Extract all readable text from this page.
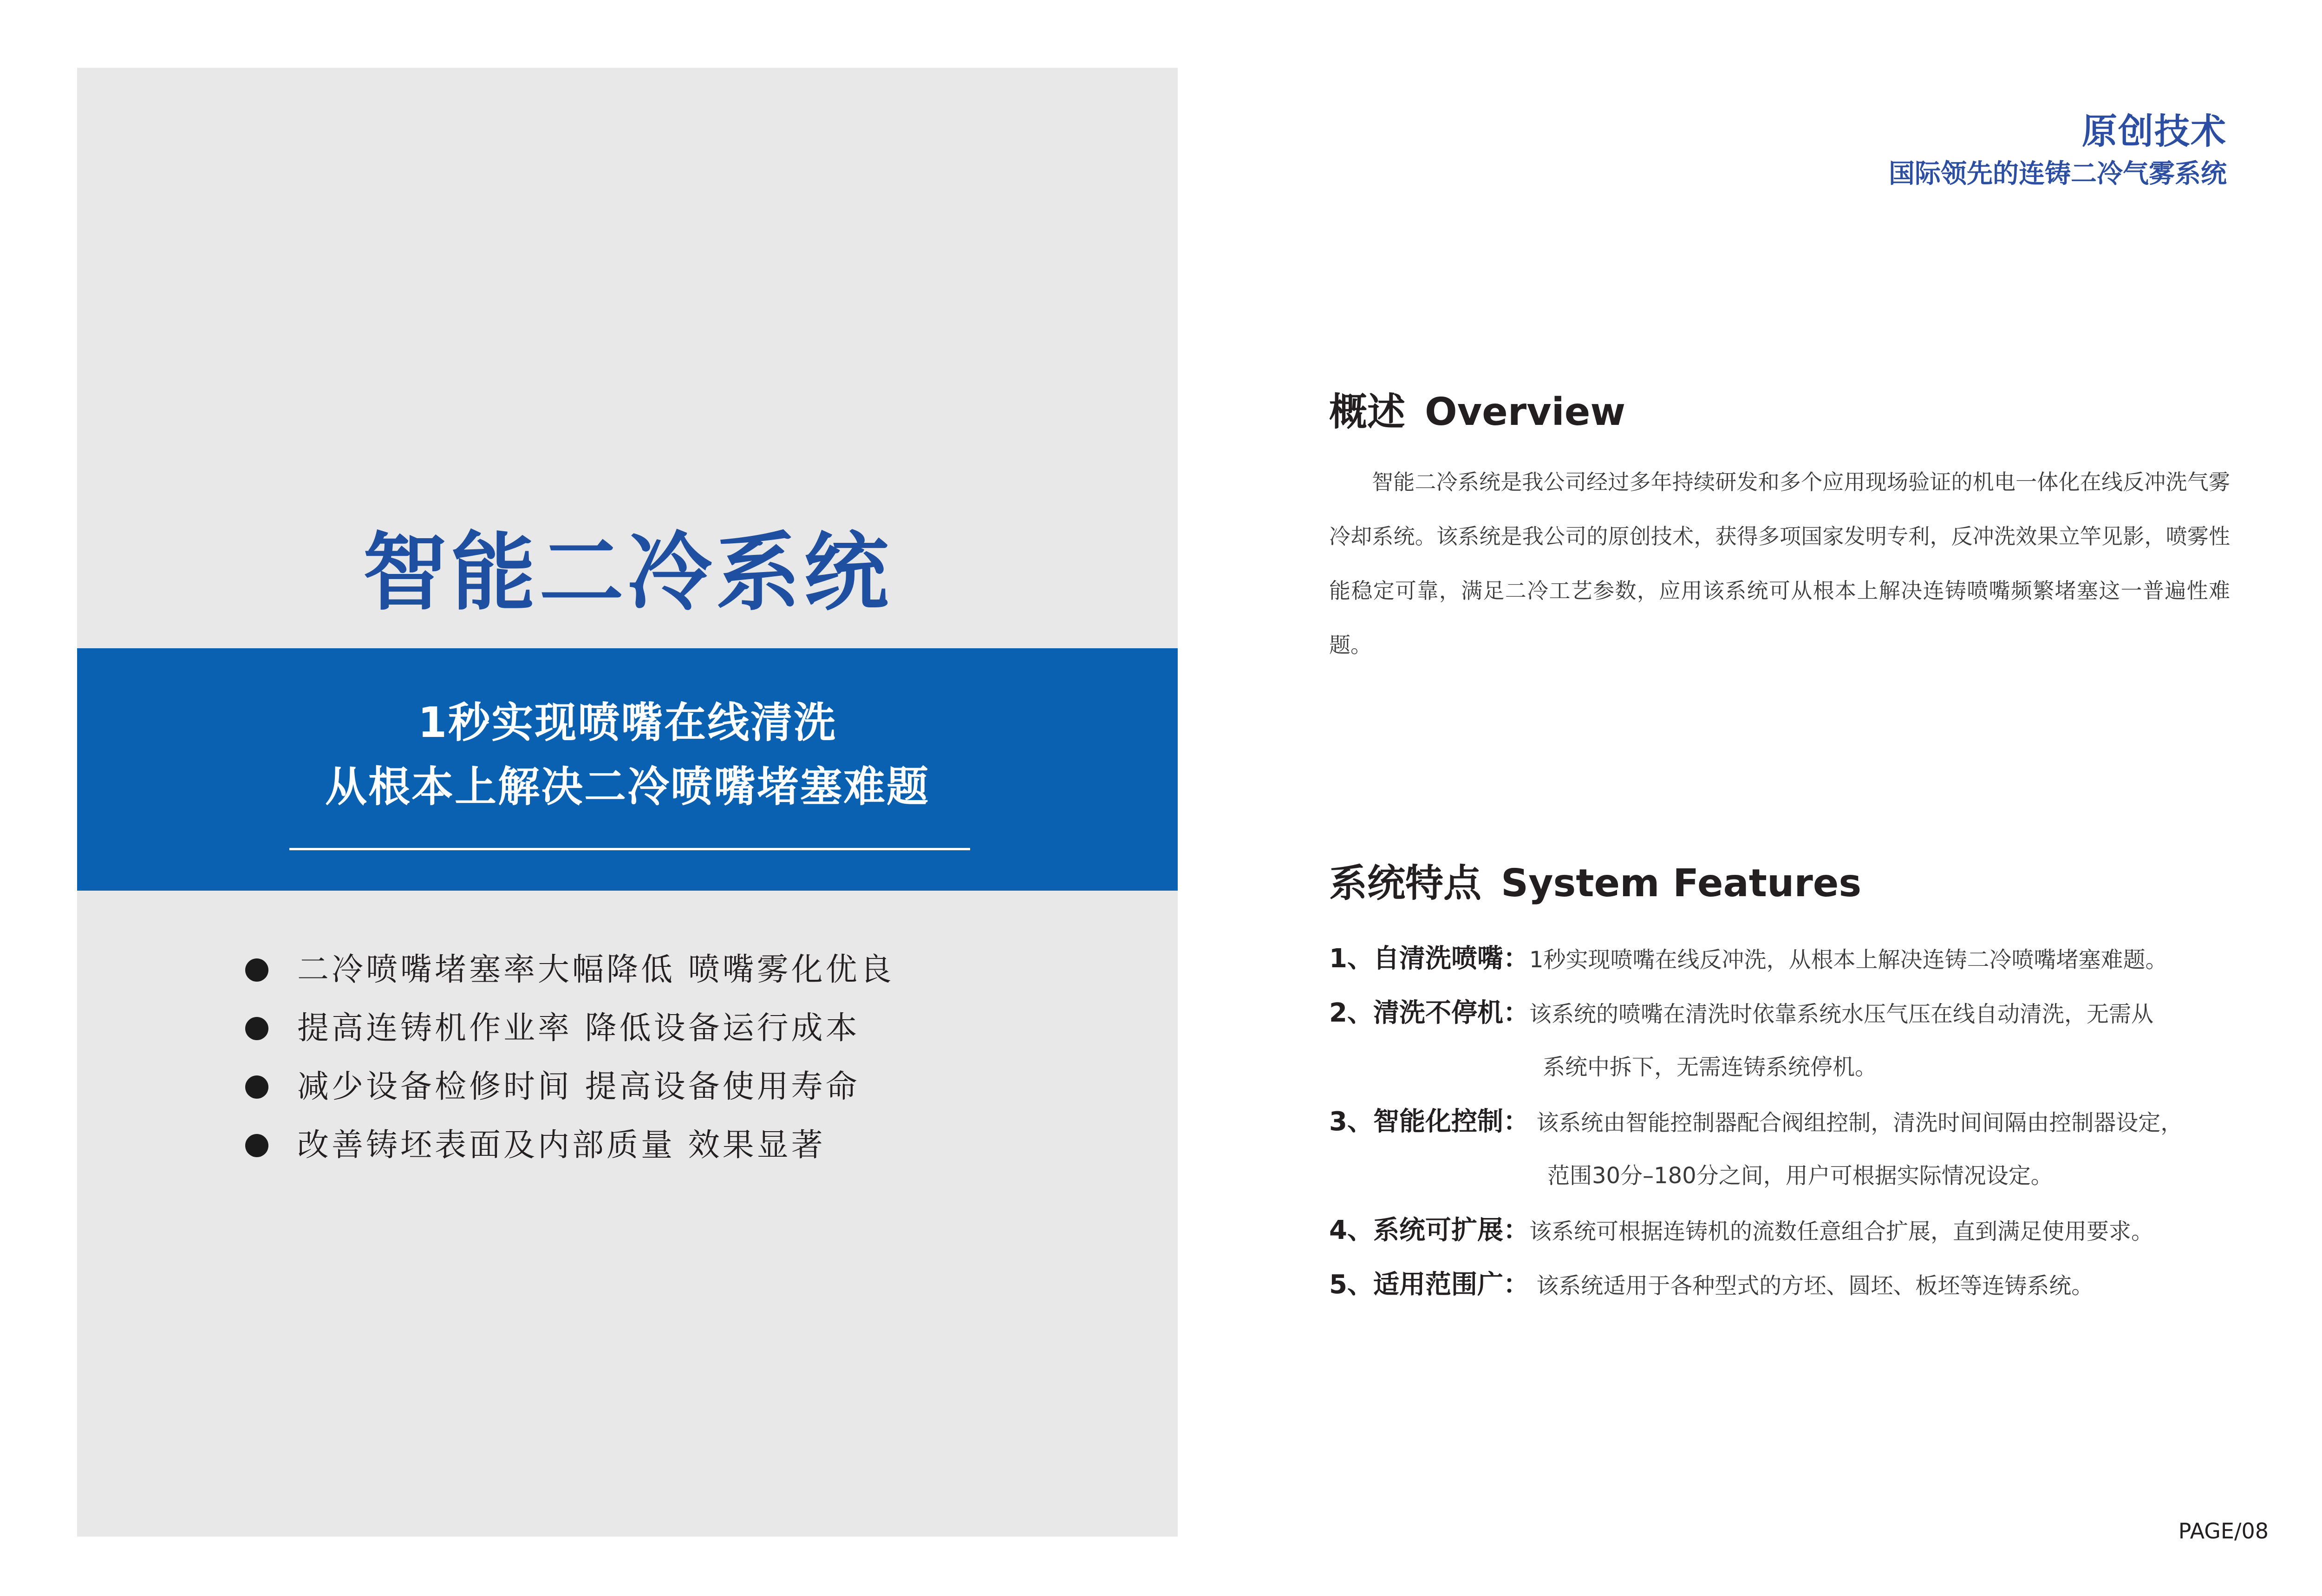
智能二冷系统
1秒实现喷嘴在线清洗
从根本上解决二冷喷嘴堵塞难题
二冷喷嘴堵塞率大幅降低 喷嘴雾化优良
提高连铸机作业率 降低设备运行成本
减少设备检修时间 提高设备使用寿命
改善铸坯表面及内部质量 效果显著
原创技术
国际领先的连铸二冷气雾系统
概述 Overview

智能二冷系统是我公司经过多年持续研发和多个应用现场验证的机电一体化在线反冲洗气雾冷却系统。该系统是我公司的原创技术，获得多项国家发明专利，反冲洗效果立竿见影，喷雾性能稳定可靠，满足二冷工艺参数，应用该系统可从根本上解决连铸喷嘴频繁堵塞这一普遍性难题。

系统特点 System Features
1、自清洗喷嘴：1秒实现喷嘴在线反冲洗，从根本上解决连铸二冷喷嘴堵塞难题。
2、清洗不停机：该系统的喷嘴在清洗时依靠系统水压气压在线自动清洗，无需从
系统中拆下，无需连铸系统停机。
3、智能化控制： 该系统由智能控制器配合阀组控制，清洗时间间隔由控制器设定，
范围30分–180分之间，用户可根据实际情况设定。
4、系统可扩展：该系统可根据连铸机的流数任意组合扩展，直到满足使用要求。
5、适用范围广： 该系统适用于各种型式的方坯、圆坯、板坯等连铸系统。
PAGE/08
